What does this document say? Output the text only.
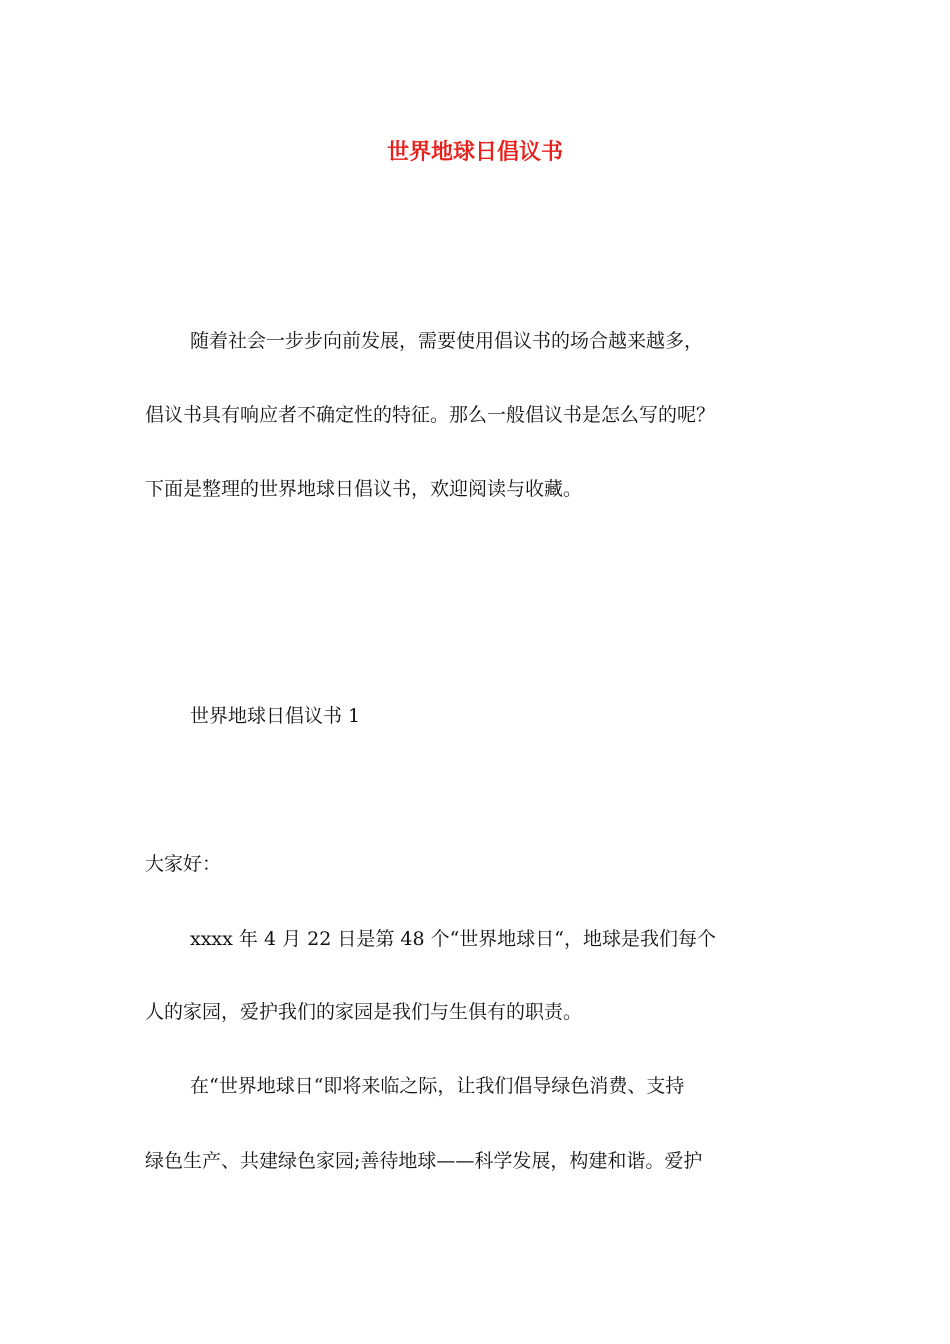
世界地球日倡议书
随着社会一步步向前发展，需要使用倡议书的场合越来越多，
倡议书具有响应者不确定性的特征。那么一般倡议书是怎么写的呢？
下面是整理的世界地球日倡议书，欢迎阅读与收藏。
世界地球日倡议书 1
大家好：
xxxx 年 4 月 22 日是第 48 个“世界地球日“，地球是我们每个
人的家园，爱护我们的家园是我们与生俱有的职责。
在“世界地球日“即将来临之际，让我们倡导绿色消费、支持
绿色生产、共建绿色家园;善待地球——科学发展，构建和谐。爱护
